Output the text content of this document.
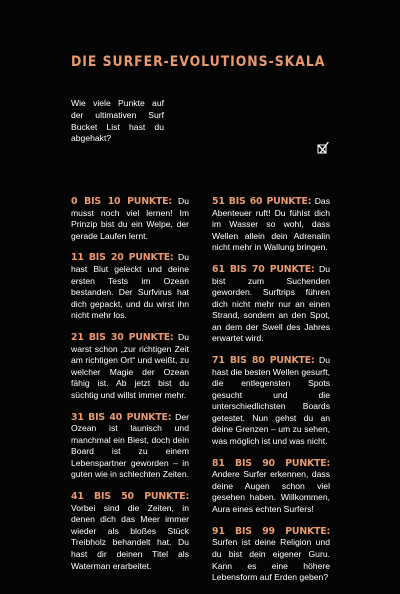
DIE SURFER-EVOLUTIONS-SKALA
Wie viele Punkte auf der ultimativen Surf Bucket List hast du abgehakt?

0 BIS 10 PUNKTE: Du musst noch viel lernen! Im Prinzip bist du ein Welpe, der gerade Laufen lernt.

11 BIS 20 PUNKTE: Du hast Blut geleckt und deine ersten Tests im Ozean bestanden. Der Surfvirus hat dich gepackt, und du wirst ihn nicht mehr los.

21 BIS 30 PUNKTE: Du warst schon „zur richtigen Zeit am richtigen Ort“ und weißt, zu welcher Magie der Ozean fähig ist. Ab jetzt bist du süchtig und willst immer mehr.

31 BIS 40 PUNKTE: Der Ozean ist launisch und manchmal ein Biest, doch dein Board ist zu einem Lebenspartner geworden – in guten wie in schlechten Zeiten.

41 BIS 50 PUNKTE: Vorbei sind die Zeiten, in denen dich das Meer immer wieder als bloßes Stück Treibholz behandelt hat. Du hast dir deinen Titel als Waterman erarbeitet.

51 BIS 60 PUNKTE: Das Abenteuer ruft! Du fühlst dich im Wasser so wohl, dass Wellen allein dein Adrenalin nicht mehr in Wallung bringen.

61 BIS 70 PUNKTE: Du bist zum Suchenden geworden. Surftrips führen dich nicht mehr nur an einen Strand, sondern an den Spot, an dem der Swell des Jahres erwartet wird.

71 BIS 80 PUNKTE: Du hast die besten Wellen gesurft, die entlegensten Spots gesucht und die unterschiedlichsten Boards getestet. Nun gehst du an deine Grenzen – um zu sehen, was möglich ist und was nicht.

81 BIS 90 PUNKTE: Andere Surfer erkennen, dass deine Augen schon viel gesehen haben. Willkommen, Aura eines echten Surfers!

91 BIS 99 PUNKTE: Surfen ist deine Religion und du bist dein eigener Guru. Kann es eine höhere Lebensform auf Erden geben?
